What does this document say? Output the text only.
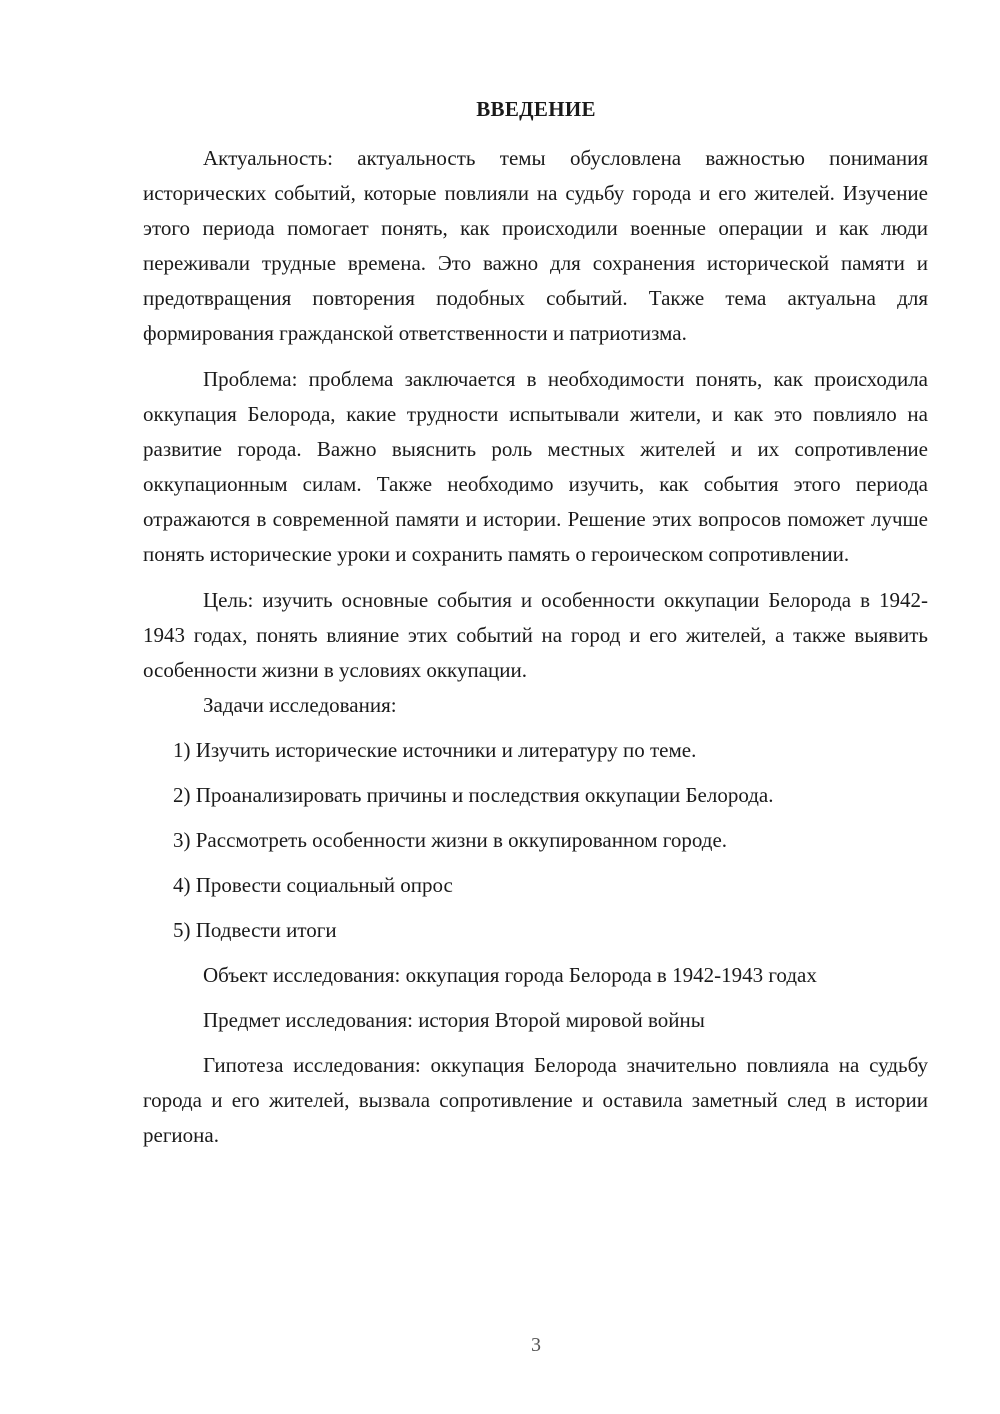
ВВЕДЕНИЕ

Актуальность: актуальность темы обусловлена важностью понимания исторических событий, которые повлияли на судьбу города и его жителей. Изучение этого периода помогает понять, как происходили военные операции и как люди переживали трудные времена. Это важно для сохранения исторической памяти и предотвращения повторения подобных событий. Также тема актуальна для формирования гражданской ответственности и патриотизма.

Проблема: проблема заключается в необходимости понять, как происходила оккупация Белорода, какие трудности испытывали жители, и как это повлияло на развитие города. Важно выяснить роль местных жителей и их сопротивление оккупационным силам. Также необходимо изучить, как события этого периода отражаются в современной памяти и истории. Решение этих вопросов поможет лучше понять исторические уроки и сохранить память о героическом сопротивлении.

Цель: изучить основные события и особенности оккупации Белорода в 1942-1943 годах, понять влияние этих событий на город и его жителей, а также выявить особенности жизни в условиях оккупации.

Задачи исследования:

1) Изучить исторические источники и литературу по теме.

2) Проанализировать причины и последствия оккупации Белорода.

3) Рассмотреть особенности жизни в оккупированном городе.

4) Провести социальный опрос

5) Подвести итоги

Объект исследования: оккупация города Белорода в 1942-1943 годах

Предмет исследования: история Второй мировой войны

Гипотеза исследования: оккупация Белорода значительно повлияла на судьбу города и его жителей, вызвала сопротивление и оставила заметный след в истории региона.

3
